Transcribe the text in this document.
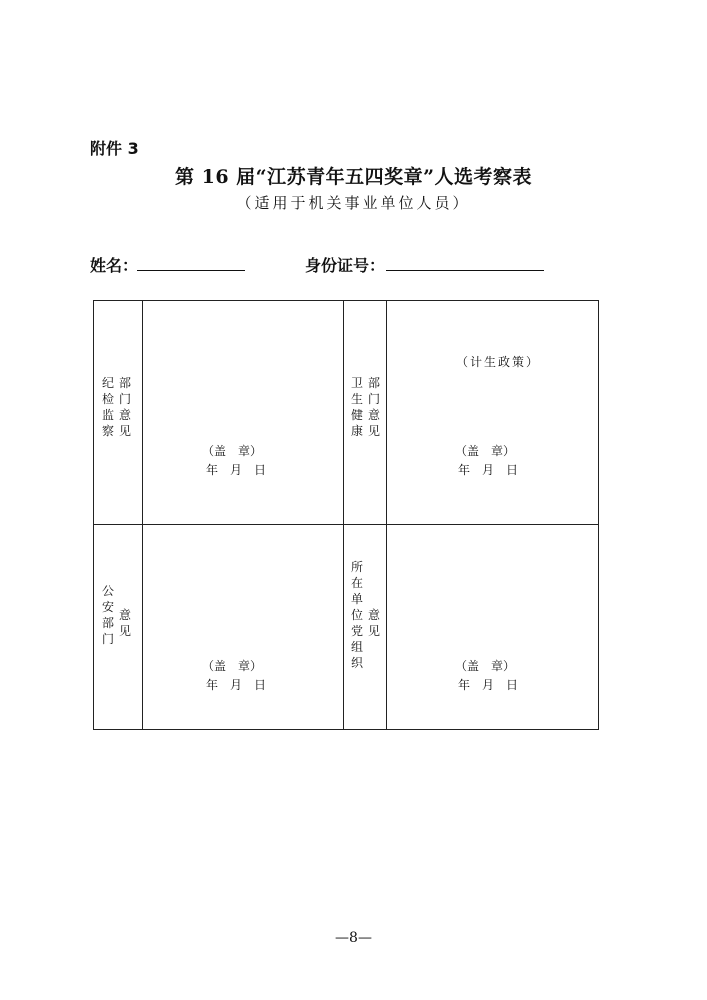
附件 3
第 16 届“江苏青年五四奖章”人选考察表
（适用于机关事业单位人员）
姓名：	身份证号：
纪检监察
部门意见
（盖　章）
年　月　日
卫生健康
部门意见
（计生政策）
（盖　章）
年　月　日
公安部门
意见
（盖　章）
年　月　日
所在单位党组织
意见
（盖　章）
年　月　日
—8—
